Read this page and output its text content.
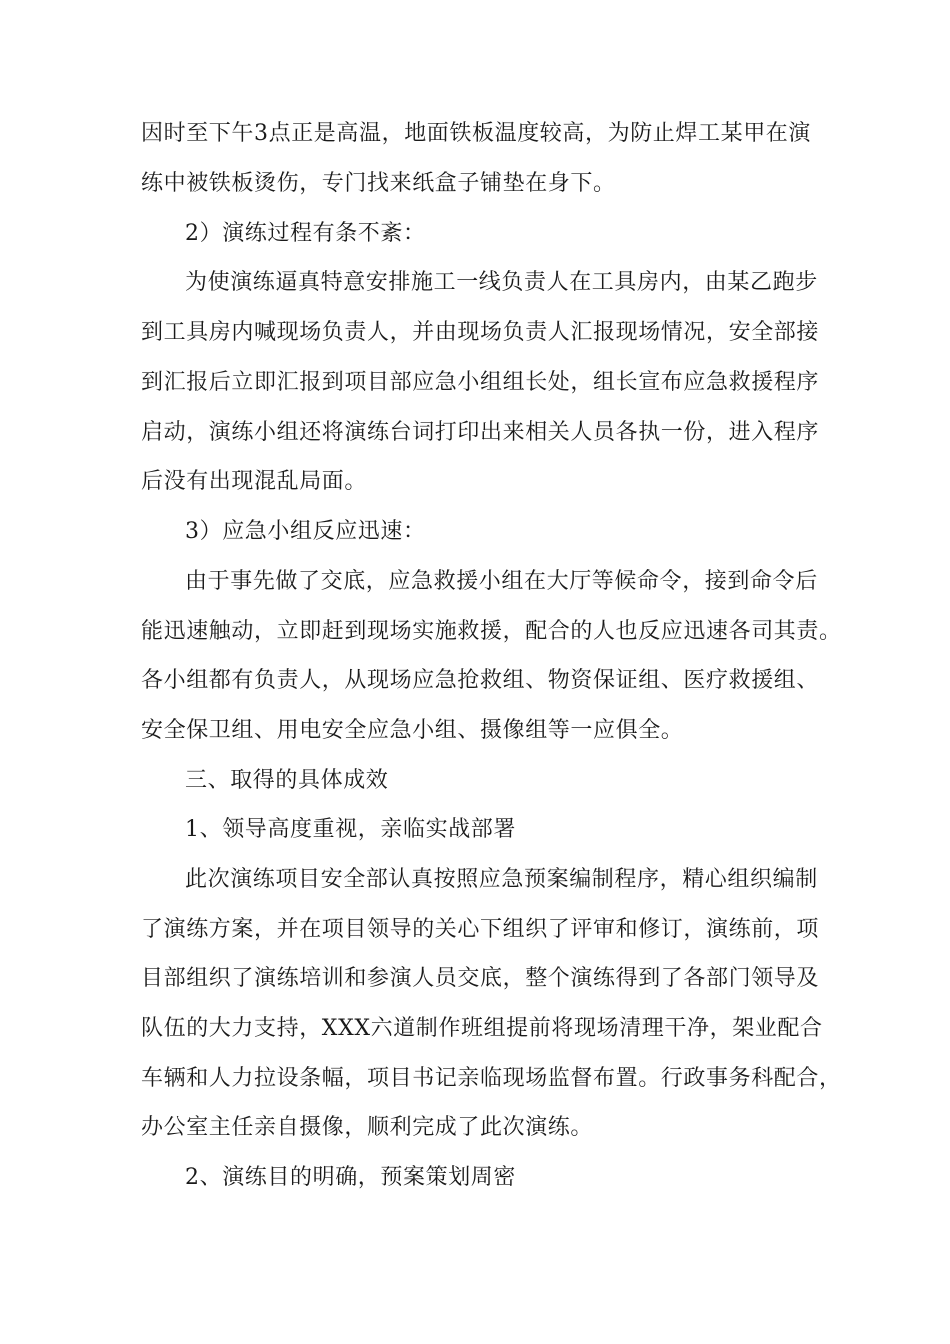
因时至下午3点正是高温，地面铁板温度较高，为防止焊工某甲在演
练中被铁板烫伤，专门找来纸盒子铺垫在身下。
2）演练过程有条不紊：
为使演练逼真特意安排施工一线负责人在工具房内，由某乙跑步
到工具房内喊现场负责人，并由现场负责人汇报现场情况，安全部接
到汇报后立即汇报到项目部应急小组组长处，组长宣布应急救援程序
启动，演练小组还将演练台词打印出来相关人员各执一份，进入程序
后没有出现混乱局面。
3）应急小组反应迅速：
由于事先做了交底，应急救援小组在大厅等候命令，接到命令后
能迅速触动，立即赶到现场实施救援，配合的人也反应迅速各司其责。
各小组都有负责人，从现场应急抢救组、物资保证组、医疗救援组、
安全保卫组、用电安全应急小组、摄像组等一应俱全。
三、取得的具体成效
1、领导高度重视，亲临实战部署
此次演练项目安全部认真按照应急预案编制程序，精心组织编制
了演练方案，并在项目领导的关心下组织了评审和修订，演练前，项
目部组织了演练培训和参演人员交底，整个演练得到了各部门领导及
队伍的大力支持，XXX六道制作班组提前将现场清理干净，架业配合
车辆和人力拉设条幅，项目书记亲临现场监督布置。行政事务科配合，
办公室主任亲自摄像，顺利完成了此次演练。
2、演练目的明确，预案策划周密
